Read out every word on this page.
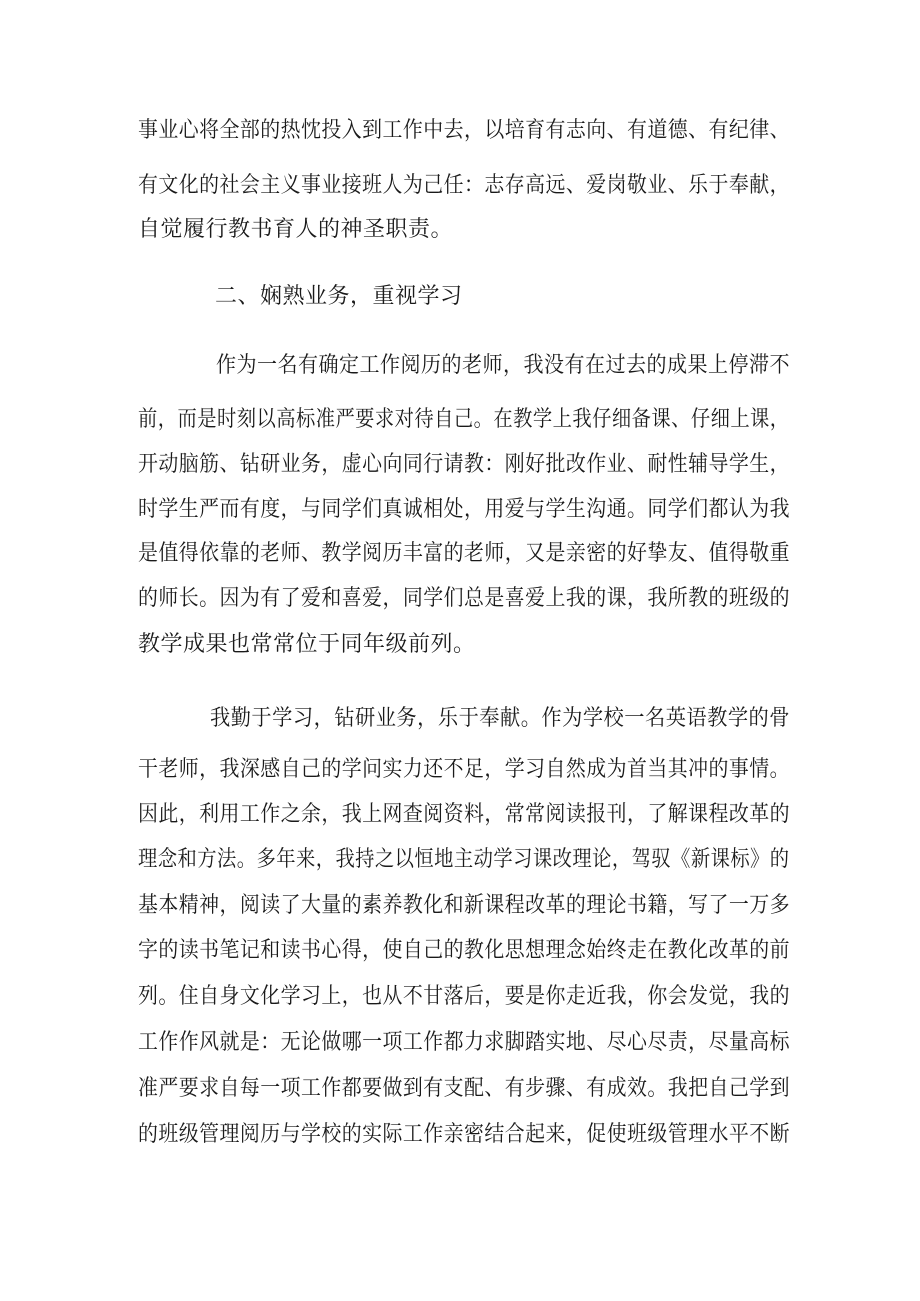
事业心将全部的热忱投入到工作中去，以培育有志向、有道德、有纪律、
有文化的社会主义事业接班人为己任：志存高远、爱岗敬业、乐于奉献，
自觉履行教书育人的神圣职责。
二、娴熟业务，重视学习
作为一名有确定工作阅历的老师，我没有在过去的成果上停滞不
前，而是时刻以高标准严要求对待自己。在教学上我仔细备课、仔细上课，
开动脑筋、钻研业务，虚心向同行请教：刚好批改作业、耐性辅导学生，
时学生严而有度，与同学们真诚相处，用爱与学生沟通。同学们都认为我
是值得依靠的老师、教学阅历丰富的老师，又是亲密的好挚友、值得敬重
的师长。因为有了爱和喜爱，同学们总是喜爱上我的课，我所教的班级的
教学成果也常常位于同年级前列。
我勤于学习，钻研业务，乐于奉献。作为学校一名英语教学的骨
干老师，我深感自己的学问实力还不足，学习自然成为首当其冲的事情。
因此，利用工作之余，我上网查阅资料，常常阅读报刊，了解课程改革的
理念和方法。多年来，我持之以恒地主动学习课改理论，驾驭《新课标》的
基本精神，阅读了大量的素养教化和新课程改革的理论书籍，写了一万多
字的读书笔记和读书心得，使自己的教化思想理念始终走在教化改革的前
列。住自身文化学习上，也从不甘落后，要是你走近我，你会发觉，我的
工作作风就是：无论做哪一项工作都力求脚踏实地、尽心尽责，尽量高标
准严要求自每一项工作都要做到有支配、有步骤、有成效。我把自己学到
的班级管理阅历与学校的实际工作亲密结合起来，促使班级管理水平不断
